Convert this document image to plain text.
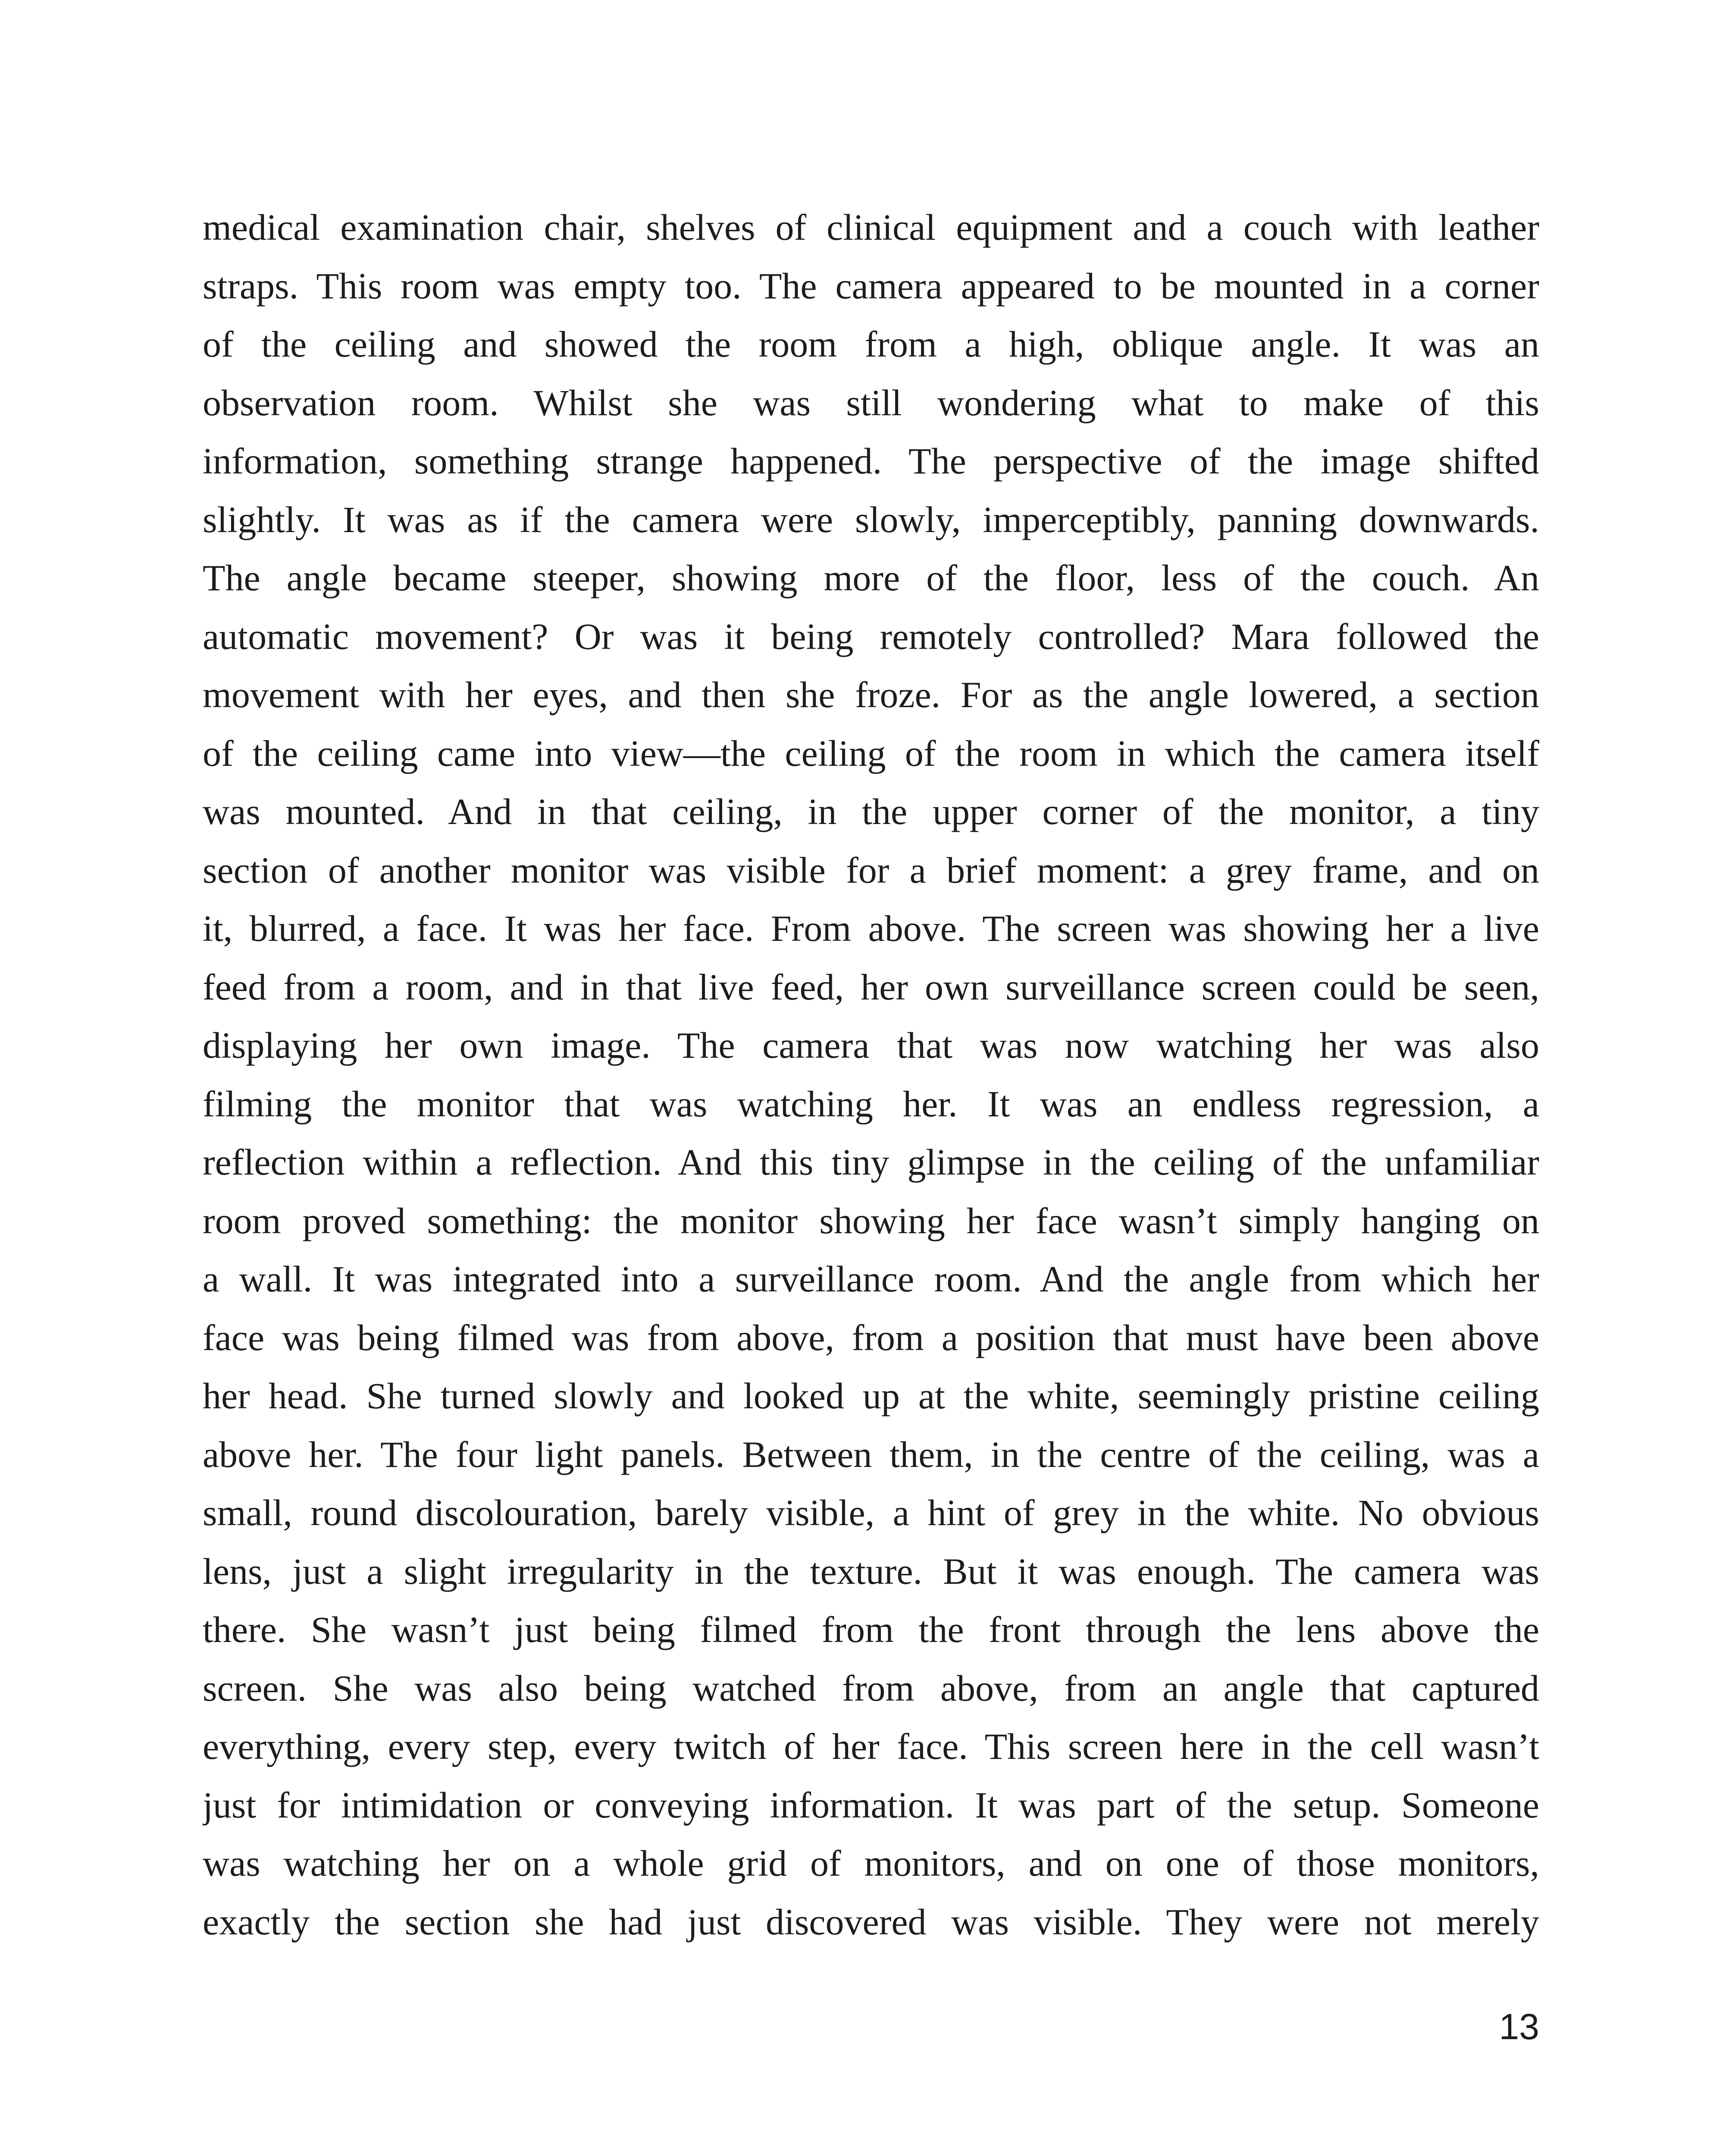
medical examination chair, shelves of clinical equipment and a couch with leather
straps. This room was empty too. The camera appeared to be mounted in a corner
of the ceiling and showed the room from a high, oblique angle. It was an
observation room. Whilst she was still wondering what to make of this
information, something strange happened. The perspective of the image shifted
slightly. It was as if the camera were slowly, imperceptibly, panning downwards.
The angle became steeper, showing more of the floor, less of the couch. An
automatic movement? Or was it being remotely controlled? Mara followed the
movement with her eyes, and then she froze. For as the angle lowered, a section
of the ceiling came into view—the ceiling of the room in which the camera itself
was mounted. And in that ceiling, in the upper corner of the monitor, a tiny
section of another monitor was visible for a brief moment: a grey frame, and on
it, blurred, a face. It was her face. From above. The screen was showing her a live
feed from a room, and in that live feed, her own surveillance screen could be seen,
displaying her own image. The camera that was now watching her was also
filming the monitor that was watching her. It was an endless regression, a
reflection within a reflection. And this tiny glimpse in the ceiling of the unfamiliar
room proved something: the monitor showing her face wasn’t simply hanging on
a wall. It was integrated into a surveillance room. And the angle from which her
face was being filmed was from above, from a position that must have been above
her head. She turned slowly and looked up at the white, seemingly pristine ceiling
above her. The four light panels. Between them, in the centre of the ceiling, was a
small, round discolouration, barely visible, a hint of grey in the white. No obvious
lens, just a slight irregularity in the texture. But it was enough. The camera was
there. She wasn’t just being filmed from the front through the lens above the
screen. She was also being watched from above, from an angle that captured
everything, every step, every twitch of her face. This screen here in the cell wasn’t
just for intimidation or conveying information. It was part of the setup. Someone
was watching her on a whole grid of monitors, and on one of those monitors,
exactly the section she had just discovered was visible. They were not merely
13
